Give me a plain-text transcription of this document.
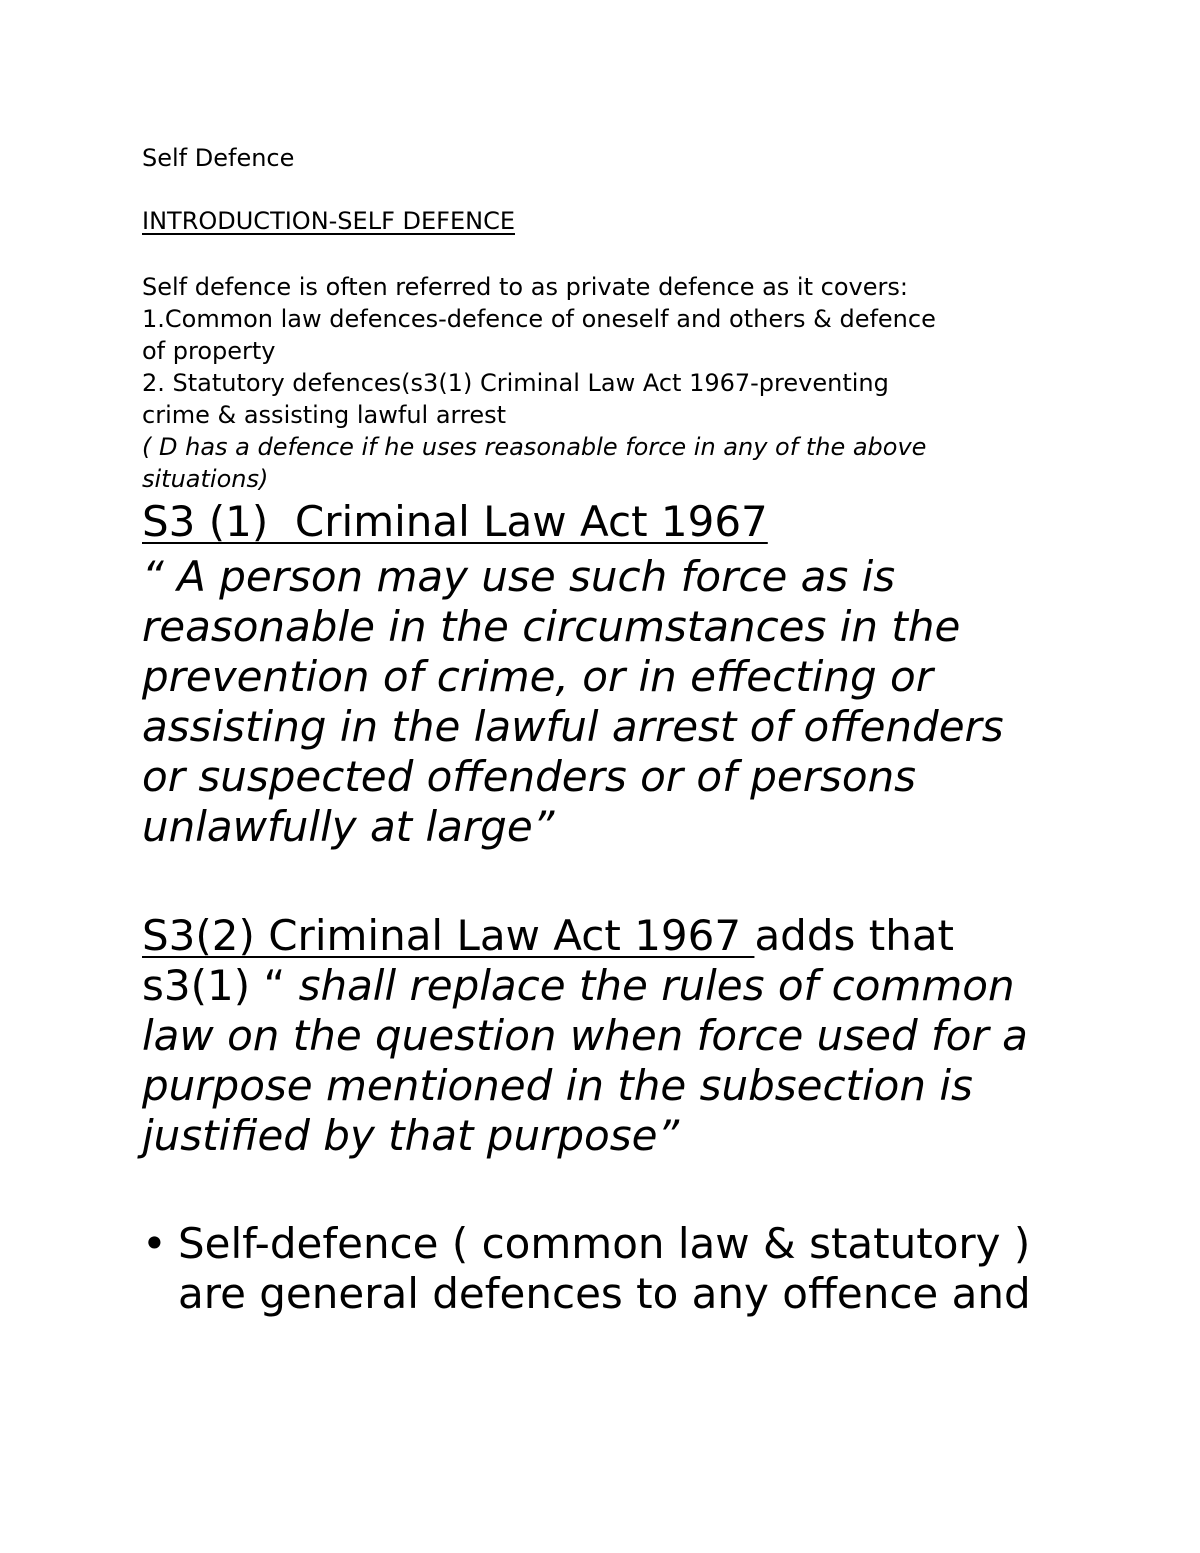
Self Defence

INTRODUCTION-SELF DEFENCE

Self defence is often referred to as private defence as it covers:
1.Common law defences-defence of oneself and others & defence
of property
2. Statutory defences(s3(1) Criminal Law Act 1967-preventing
crime & assisting lawful arrest
( D has a defence if he uses reasonable force in any of the above
situations)

S3 (1)  Criminal Law Act 1967

“ A person may use such force as is
reasonable in the circumstances in the
prevention of crime, or in effecting or
assisting in the lawful arrest of offenders
or suspected offenders or of persons
unlawfully at large”
S3(2) Criminal Law Act 1967 adds that
s3(1) “ shall replace the rules of common
law on the question when force used for a
purpose mentioned in the subsection is
justified by that purpose”
• Self-defence ( common law & statutory )
are general defences to any offence and
